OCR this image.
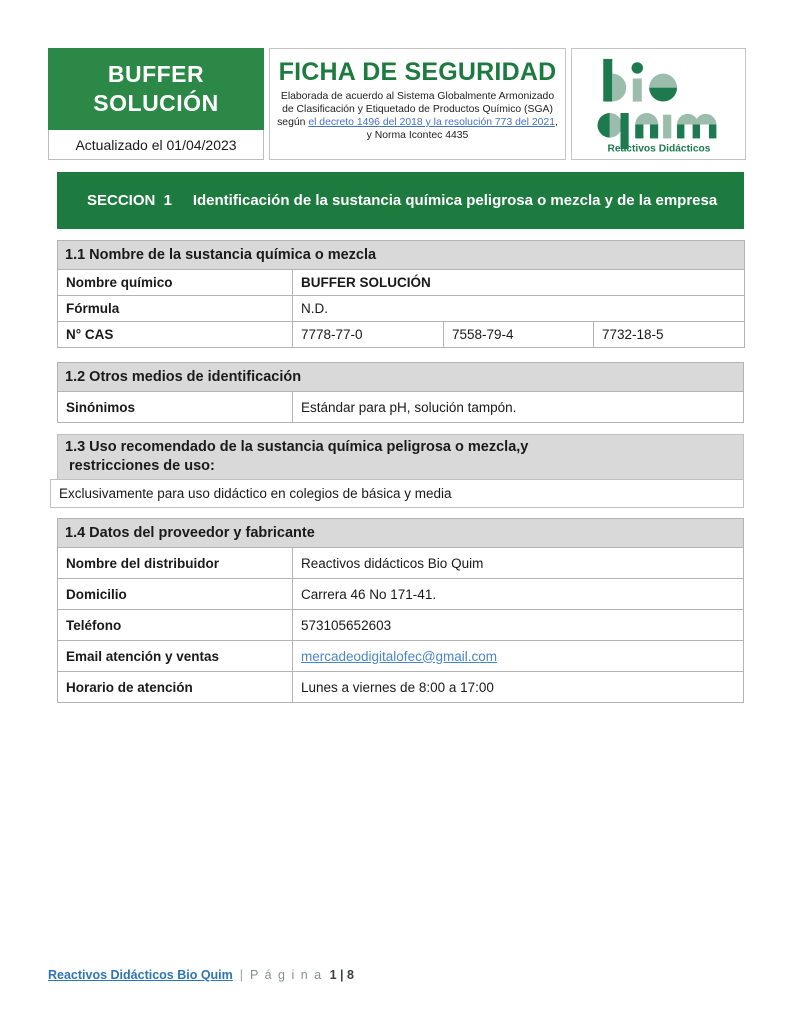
BUFFER
SOLUCIÓN
Actualizado el 01/04/2023
FICHA DE SEGURIDAD
Elaborada de acuerdo al Sistema Globalmente Armonizado de Clasificación y Etiquetado de Productos Químico (SGA) según el decreto 1496 del 2018 y la resolución 773 del 2021, y Norma Icontec 4435
Reactivos Didácticos
SECCION  1	Identificación de la sustancia química peligrosa o mezcla y de la empresa
1.1 Nombre de la sustancia química o mezcla			
Nombre químico	BUFFER SOLUCIÓN		
Fórmula	N.D.		
N° CAS	7778-77-0	7558-79-4	7732-18-5
1.2 Otros medios de identificación
Sinónimos	Estándar para pH, solución tampón.
1.3 Uso recomendado de la sustancia química peligrosa o mezcla,y
restricciones de uso:
Exclusivamente para uso didáctico en colegios de básica y media
1.4 Datos del proveedor y fabricante	
Nombre del distribuidor	Reactivos didácticos Bio Quim
Domicilio	Carrera 46 No 171-41.
Teléfono	573105652603
Email atención y ventas	mercadeodigitalofec@gmail.com
Horario de atención	Lunes a viernes de 8:00 a 17:00
Reactivos Didácticos Bio Quim | P á g i n a 1 | 8
